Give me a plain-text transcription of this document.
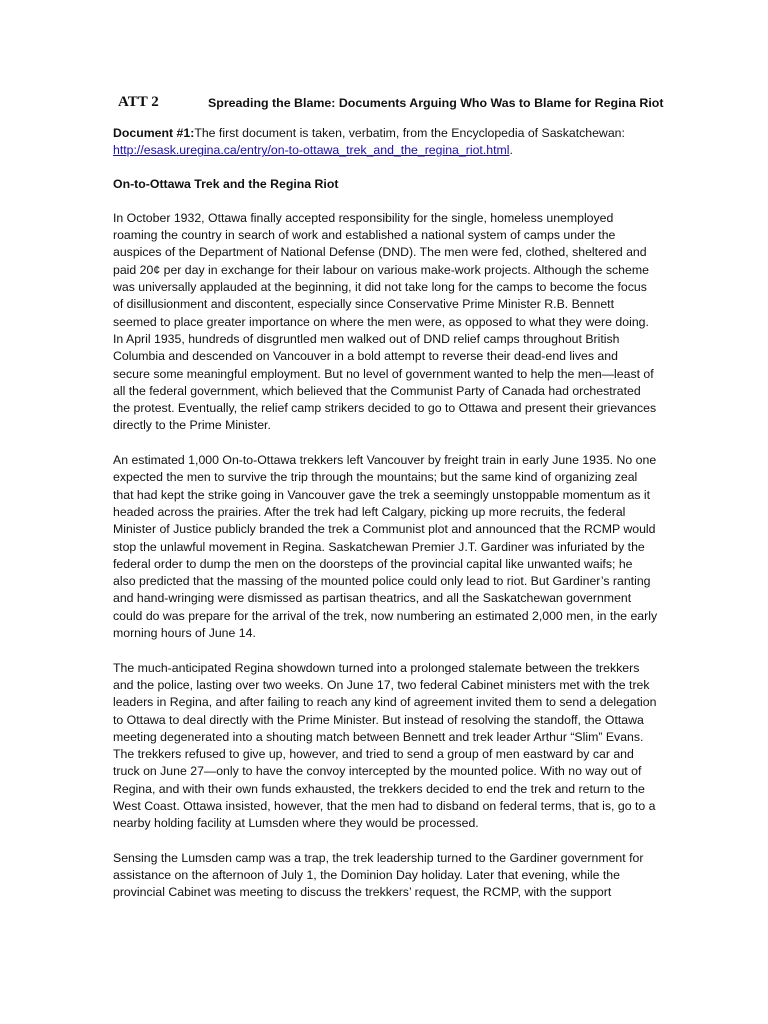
ATT 2	Spreading the Blame: Documents Arguing Who Was to Blame for Regina Riot

Document #1:The first document is taken, verbatim, from the Encyclopedia of Saskatchewan:
http://esask.uregina.ca/entry/on-to-ottawa_trek_and_the_regina_riot.html.

On-to-Ottawa Trek and the Regina Riot

In October 1932, Ottawa finally accepted responsibility for the single, homeless unemployed roaming the country in search of work and established a national system of camps under the auspices of the Department of National Defense (DND). The men were fed, clothed, sheltered and paid 20¢ per day in exchange for their labour on various make-work projects. Although the scheme was universally applauded at the beginning, it did not take long for the camps to become the focus of disillusionment and discontent, especially since Conservative Prime Minister R.B. Bennett seemed to place greater importance on where the men were, as opposed to what they were doing. In April 1935, hundreds of disgruntled men walked out of DND relief camps throughout British Columbia and descended on Vancouver in a bold attempt to reverse their dead-end lives and secure some meaningful employment. But no level of government wanted to help the men—least of all the federal government, which believed that the Communist Party of Canada had orchestrated the protest. Eventually, the relief camp strikers decided to go to Ottawa and present their grievances directly to the Prime Minister.

An estimated 1,000 On-to-Ottawa trekkers left Vancouver by freight train in early June 1935. No one expected the men to survive the trip through the mountains; but the same kind of organizing zeal that had kept the strike going in Vancouver gave the trek a seemingly unstoppable momentum as it headed across the prairies. After the trek had left Calgary, picking up more recruits, the federal Minister of Justice publicly branded the trek a Communist plot and announced that the RCMP would stop the unlawful movement in Regina. Saskatchewan Premier J.T. Gardiner was infuriated by the federal order to dump the men on the doorsteps of the provincial capital like unwanted waifs; he also predicted that the massing of the mounted police could only lead to riot. But Gardiner’s ranting and hand-wringing were dismissed as partisan theatrics, and all the Saskatchewan government could do was prepare for the arrival of the trek, now numbering an estimated 2,000 men, in the early morning hours of June 14.

The much-anticipated Regina showdown turned into a prolonged stalemate between the trekkers and the police, lasting over two weeks. On June 17, two federal Cabinet ministers met with the trek leaders in Regina, and after failing to reach any kind of agreement invited them to send a delegation to Ottawa to deal directly with the Prime Minister. But instead of resolving the standoff, the Ottawa meeting degenerated into a shouting match between Bennett and trek leader Arthur “Slim” Evans. The trekkers refused to give up, however, and tried to send a group of men eastward by car and truck on June 27—only to have the convoy intercepted by the mounted police. With no way out of Regina, and with their own funds exhausted, the trekkers decided to end the trek and return to the West Coast. Ottawa insisted, however, that the men had to disband on federal terms, that is, go to a nearby holding facility at Lumsden where they would be processed.

Sensing the Lumsden camp was a trap, the trek leadership turned to the Gardiner government for assistance on the afternoon of July 1, the Dominion Day holiday. Later that evening, while the provincial Cabinet was meeting to discuss the trekkers’ request, the RCMP, with the support
